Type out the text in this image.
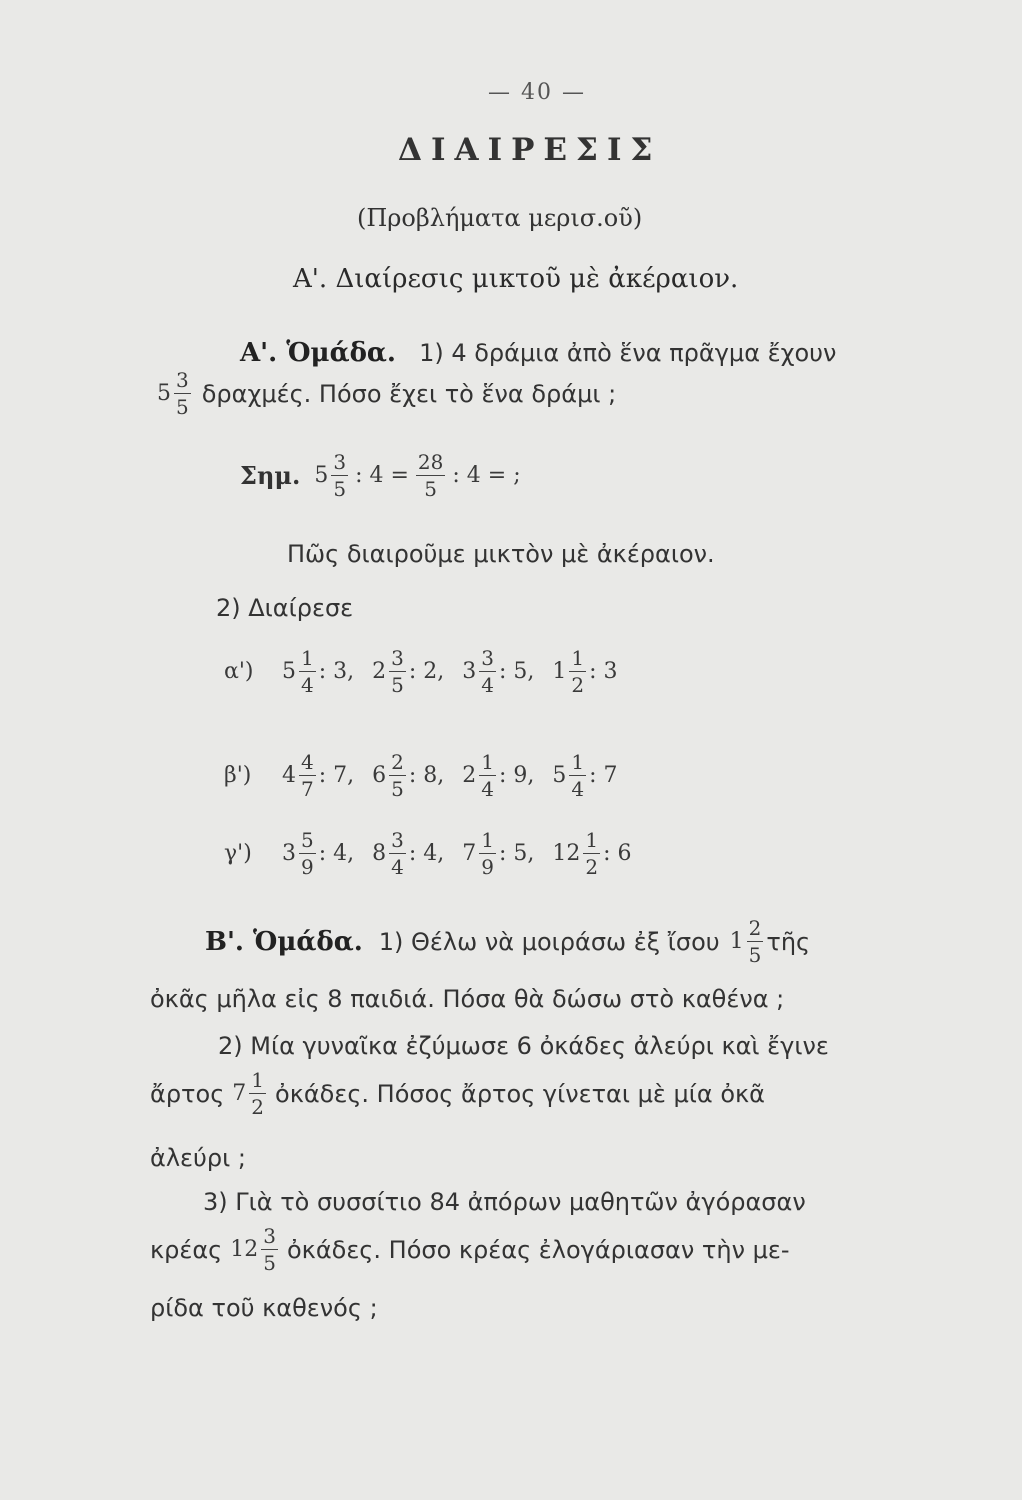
— 40 —
ΔΙΑΙΡΕΣΙΣ
(Προβλήματα μερισ.οῦ)
Α'. Διαίρεσις μικτοῦ μὲ ἀκέραιον.
Α'. Ὁμάδα. 1) 4 δράμια ἀπὸ ἕνα πρᾶγμα ἔχουν
$5 \frac{3}{5} \delta\rho\alpha\chi\mu έ\varsigma$. Πόσο ἔχει τὸ ἕνα δράμι ;
Σημ. $5 \frac{3}{5}$ : $4 = \frac{28}{5}$ : 4 = ;
Πῶς διαιροῦμε μικτὸν μὲ ἀκέραιον.
2) Διαίρεσε
α')	$5 \frac{1}{4}$ : 3, $2 \frac{3}{5}$ : 2, $3 \frac{3}{4}$ : 5, $1 \frac{1}{2}$ : 3
β')	$4 \frac{4}{7}$ : 7, $6 \frac{2}{5}$ : 8, $2 \frac{1}{4}$ : 9, $5 \frac{1}{4}$ : 7
γ')	$3 \frac{5}{9}$ : 4, $8 \frac{3}{4}$ : 4, $7 \frac{1}{9}$ : 5, $12 \frac{1}{2}$ : 6
Β'. Ὁμάδα. 1) Θέλω νὰ μοιράσω ἐξ ἴσου $1 \frac{2}{5}$ τῆς
ὀκᾶς μῆλα εἰς 8 παιδιά. Πόσα θὰ δώσω στὸ καθένα ;
2) Μία γυναῖκα ἐζύμωσε 6 ὀκάδες ἀλεύρι καὶ ἔγινε
ἄρτος $7 \frac{1}{2}$ ὀκάδες. Πόσος ἄρτος γίνεται μὲ μία ὀκᾶ
ἀλεύρι ;
3) Γιὰ τὸ συσσίτιο 84 ἀπόρων μαθητῶν ἀγόρασαν
κρέας $12 \frac{3}{5}$ ὀκάδες. Πόσο κρέας ἐλογάριασαν τὴν με-
ρίδα τοῦ καθενός ;
